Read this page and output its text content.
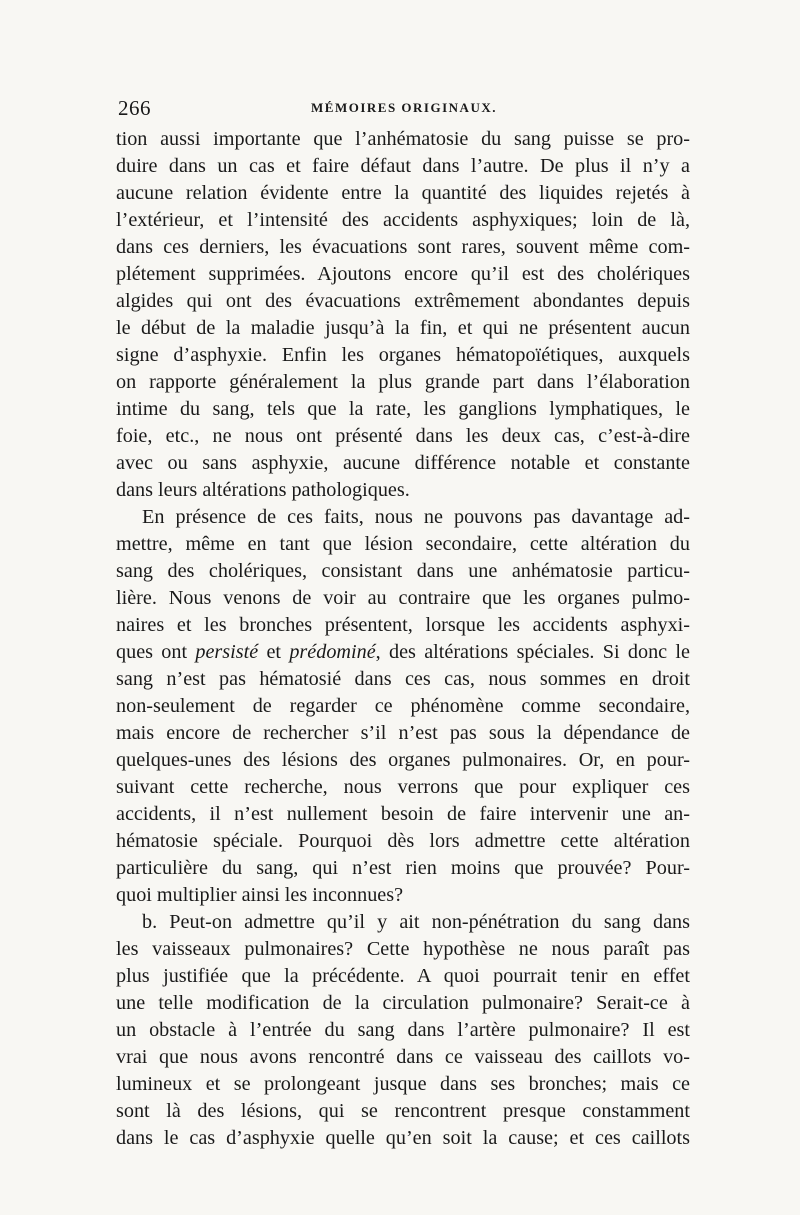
266	MÉMOIRES ORIGINAUX.
tion aussi importante que l’anhématosie du sang puisse se pro-
duire dans un cas et faire défaut dans l’autre. De plus il n’y a
aucune relation évidente entre la quantité des liquides rejetés à
l’extérieur, et l’intensité des accidents asphyxiques; loin de là,
dans ces derniers, les évacuations sont rares, souvent même com-
plétement supprimées. Ajoutons encore qu’il est des cholériques
algides qui ont des évacuations extrêmement abondantes depuis
le début de la maladie jusqu’à la fin, et qui ne présentent aucun
signe d’asphyxie. Enfin les organes hématopoïétiques, auxquels
on rapporte généralement la plus grande part dans l’élaboration
intime du sang, tels que la rate, les ganglions lymphatiques, le
foie, etc., ne nous ont présenté dans les deux cas, c’est-à-dire
avec ou sans asphyxie, aucune différence notable et constante
dans leurs altérations pathologiques.
En présence de ces faits, nous ne pouvons pas davantage ad-
mettre, même en tant que lésion secondaire, cette altération du
sang des cholériques, consistant dans une anhématosie particu-
lière. Nous venons de voir au contraire que les organes pulmo-
naires et les bronches présentent, lorsque les accidents asphyxi-
ques ont persisté et prédominé, des altérations spéciales. Si donc le
sang n’est pas hématosié dans ces cas, nous sommes en droit
non-seulement de regarder ce phénomène comme secondaire,
mais encore de rechercher s’il n’est pas sous la dépendance de
quelques-unes des lésions des organes pulmonaires. Or, en pour-
suivant cette recherche, nous verrons que pour expliquer ces
accidents, il n’est nullement besoin de faire intervenir une an-
hématosie spéciale. Pourquoi dès lors admettre cette altération
particulière du sang, qui n’est rien moins que prouvée? Pour-
quoi multiplier ainsi les inconnues?
b. Peut-on admettre qu’il y ait non-pénétration du sang dans
les vaisseaux pulmonaires? Cette hypothèse ne nous paraît pas
plus justifiée que la précédente. A quoi pourrait tenir en effet
une telle modification de la circulation pulmonaire? Serait-ce à
un obstacle à l’entrée du sang dans l’artère pulmonaire? Il est
vrai que nous avons rencontré dans ce vaisseau des caillots vo-
lumineux et se prolongeant jusque dans ses bronches; mais ce
sont là des lésions, qui se rencontrent presque constamment
dans le cas d’asphyxie quelle qu’en soit la cause; et ces caillots
